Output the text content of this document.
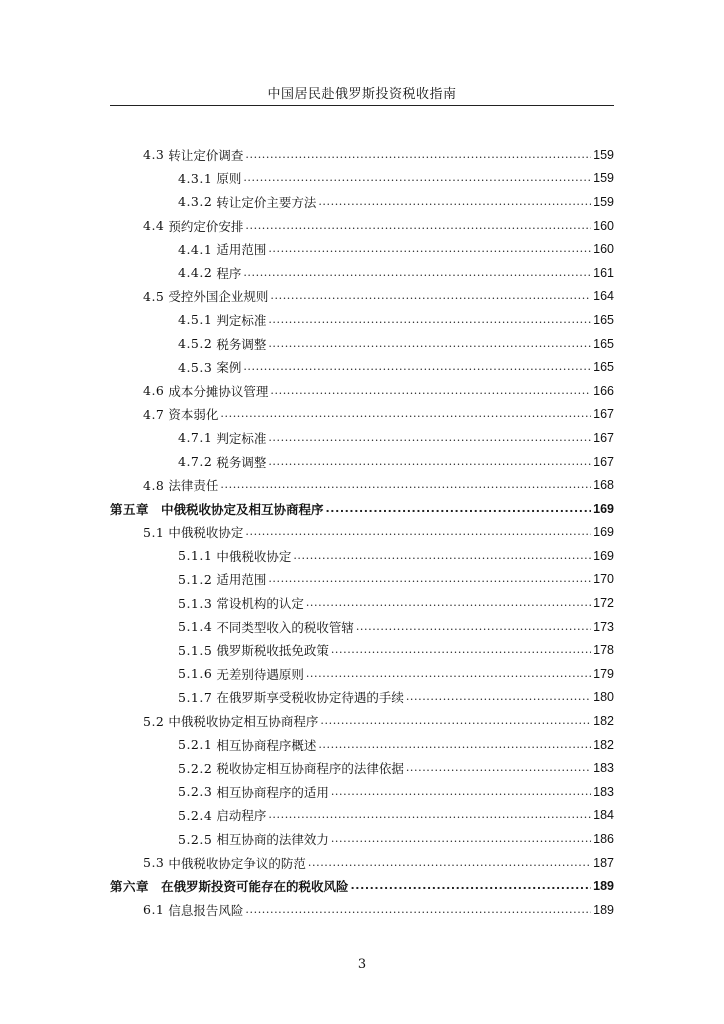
中国居民赴俄罗斯投资税收指南
4.3 转让定价调查 .....	159
4.3.1 原则 .....	159
4.3.2 转让定价主要方法 .....	159
4.4 预约定价安排 .....	160
4.4.1 适用范围 .....	160
4.4.2 程序 .....	161
4.5 受控外国企业规则 .....	164
4.5.1 判定标准 .....	165
4.5.2 税务调整 .....	165
4.5.3 案例 .....	165
4.6 成本分摊协议管理 .....	166
4.7 资本弱化 .....	167
4.7.1 判定标准 .....	167
4.7.2 税务调整 .....	167
4.8 法律责任 .....	168
第五章 中俄税收协定及相互协商程序 .....	169
5.1 中俄税收协定 .....	169
5.1.1 中俄税收协定 .....	169
5.1.2 适用范围 .....	170
5.1.3 常设机构的认定 .....	172
5.1.4 不同类型收入的税收管辖 .....	173
5.1.5 俄罗斯税收抵免政策 .....	178
5.1.6 无差别待遇原则 .....	179
5.1.7 在俄罗斯享受税收协定待遇的手续 .....	180
5.2 中俄税收协定相互协商程序 .....	182
5.2.1 相互协商程序概述 .....	182
5.2.2 税收协定相互协商程序的法律依据 .....	183
5.2.3 相互协商程序的适用 .....	183
5.2.4 启动程序 .....	184
5.2.5 相互协商的法律效力 .....	186
5.3 中俄税收协定争议的防范 .....	187
第六章 在俄罗斯投资可能存在的税收风险 .....	189
6.1 信息报告风险 .....	189
3
